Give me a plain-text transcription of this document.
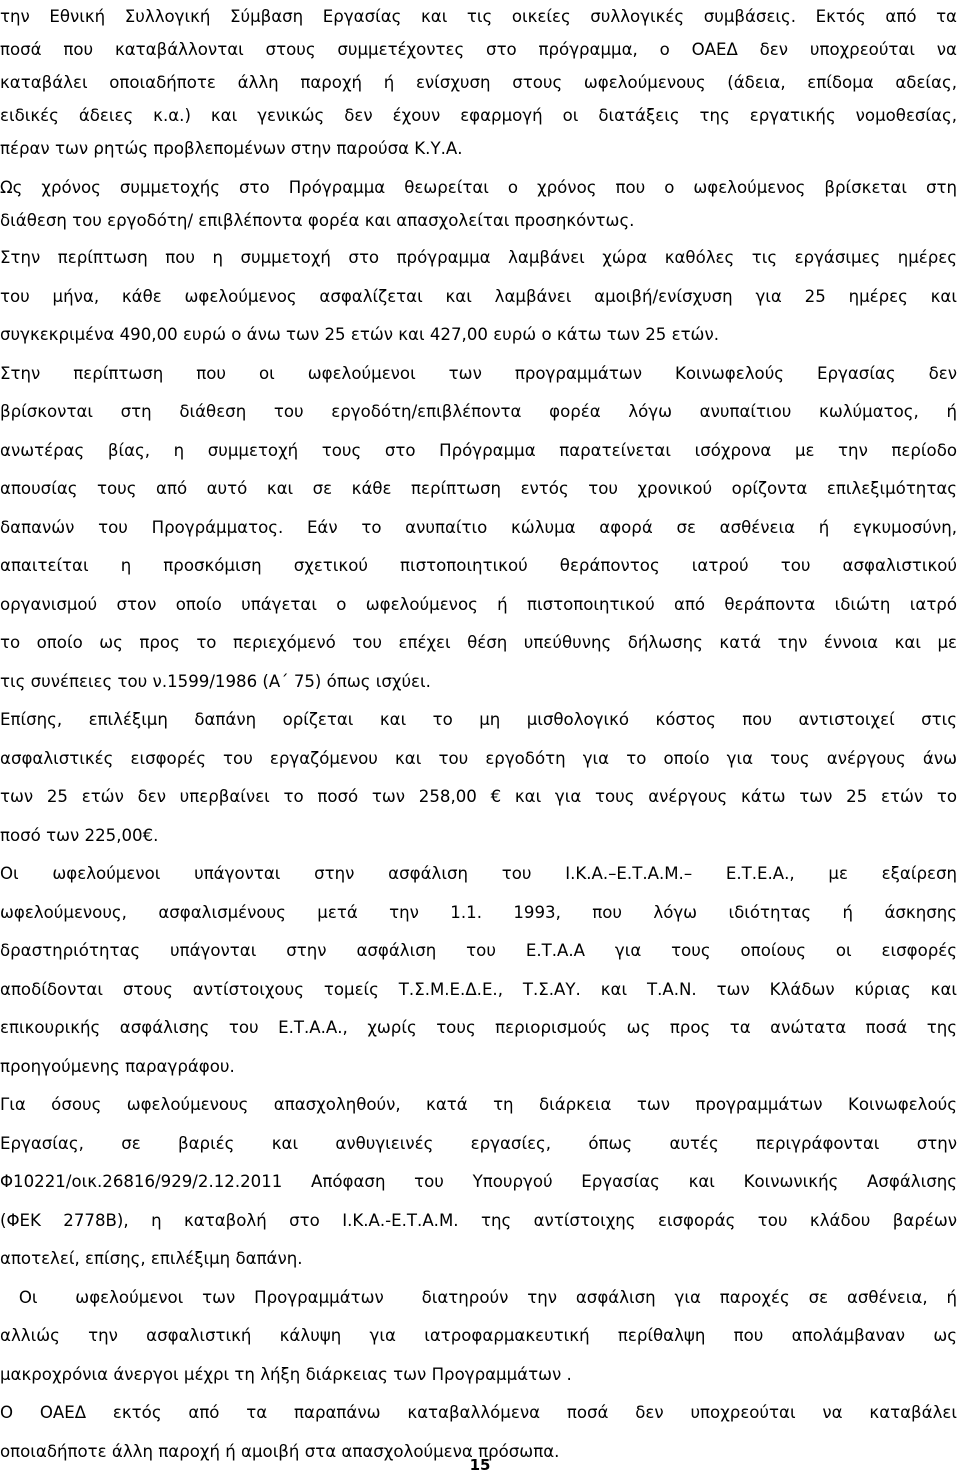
την Εθνική Συλλογική Σύμβαση Εργασίας και τις οικείες συλλογικές συμβάσεις. Εκτός από τα
ποσά που καταβάλλονται στους συμμετέχοντες στο πρόγραμμα, ο ΟΑΕΔ δεν υποχρεούται να
καταβάλει οποιαδήποτε άλλη παροχή ή ενίσχυση στους ωφελούμενους (άδεια, επίδομα αδείας,
ειδικές άδειες κ.α.) και γενικώς δεν έχουν εφαρμογή οι διατάξεις της εργατικής νομοθεσίας,
πέραν των ρητώς προβλεπομένων στην παρούσα Κ.Υ.Α.
Ως χρόνος συμμετοχής στο Πρόγραμμα θεωρείται ο χρόνος που ο ωφελούμενος βρίσκεται στη
διάθεση του εργοδότη/ επιβλέποντα φορέα και απασχολείται προσηκόντως.
Στην περίπτωση που η συμμετοχή στο πρόγραμμα λαμβάνει χώρα καθόλες τις εργάσιμες ημέρες
του μήνα, κάθε ωφελούμενος ασφαλίζεται και λαμβάνει αμοιβή/ενίσχυση για 25 ημέρες και
συγκεκριμένα 490,00 ευρώ ο άνω των 25 ετών και 427,00 ευρώ ο κάτω των 25 ετών.
Στην περίπτωση που οι ωφελούμενοι των προγραμμάτων Κοινωφελούς Εργασίας δεν
βρίσκονται στη διάθεση του εργοδότη/επιβλέποντα φορέα λόγω ανυπαίτιου κωλύματος, ή
ανωτέρας βίας, η συμμετοχή τους στο Πρόγραμμα παρατείνεται ισόχρονα με την περίοδο
απουσίας τους από αυτό και σε κάθε περίπτωση εντός του χρονικού ορίζοντα επιλεξιμότητας
δαπανών του Προγράμματος. Εάν το ανυπαίτιο κώλυμα αφορά σε ασθένεια ή εγκυμοσύνη,
απαιτείται η προσκόμιση σχετικού πιστοποιητικού θεράποντος ιατρού του ασφαλιστικού
οργανισμού στον οποίο υπάγεται ο ωφελούμενος ή πιστοποιητικού από θεράποντα ιδιώτη ιατρό
το οποίο ως προς το περιεχόμενό του επέχει θέση υπεύθυνης δήλωσης κατά την έννοια και με
τις συνέπειες του ν.1599/1986 (Α΄ 75) όπως ισχύει.
Επίσης, επιλέξιμη δαπάνη ορίζεται και το μη μισθολογικό κόστος που αντιστοιχεί στις
ασφαλιστικές εισφορές του εργαζόμενου και του εργοδότη για το οποίο για τους ανέργους άνω
των 25 ετών δεν υπερβαίνει το ποσό των 258,00 € και για τους ανέργους κάτω των 25 ετών το
ποσό των 225,00€.
Οι ωφελούμενοι υπάγονται στην ασφάλιση του Ι.Κ.Α.–Ε.Τ.Α.Μ.– Ε.Τ.Ε.Α., με εξαίρεση
ωφελούμενους, ασφαλισμένους μετά την 1.1. 1993, που λόγω ιδιότητας ή άσκησης
δραστηριότητας υπάγονται στην ασφάλιση του Ε.Τ.Α.Α για τους οποίους οι εισφορές
αποδίδονται στους αντίστοιχους τομείς Τ.Σ.Μ.Ε.Δ.Ε., Τ.Σ.ΑΥ. και Τ.Α.Ν. των Κλάδων κύριας και
επικουρικής ασφάλισης του Ε.Τ.Α.Α., χωρίς τους περιορισμούς ως προς τα ανώτατα ποσά της
προηγούμενης παραγράφου.
Για όσους ωφελούμενους απασχοληθούν, κατά τη διάρκεια των προγραμμάτων Κοινωφελούς
Εργασίας, σε βαριές και ανθυγιεινές εργασίες, όπως αυτές περιγράφονται στην
Φ10221/οικ.26816/929/2.12.2011 Απόφαση του Υπουργού Εργασίας και Κοινωνικής Ασφάλισης
(ΦΕΚ 2778Β), η καταβολή στο Ι.Κ.Α.-Ε.Τ.Α.Μ. της αντίστοιχης εισφοράς του κλάδου βαρέων
αποτελεί, επίσης, επιλέξιμη δαπάνη.
Οι  ωφελούμενοι των Προγραμμάτων  διατηρούν την ασφάλιση για παροχές σε ασθένεια, ή
αλλιώς την ασφαλιστική κάλυψη για ιατροφαρμακευτική περίθαλψη που απολάμβαναν ως
μακροχρόνια άνεργοι μέχρι τη λήξη διάρκειας των Προγραμμάτων .
Ο ΟΑΕΔ εκτός από τα παραπάνω καταβαλλόμενα ποσά δεν υποχρεούται να καταβάλει
οποιαδήποτε άλλη παροχή ή αμοιβή στα απασχολούμενα πρόσωπα.
15
